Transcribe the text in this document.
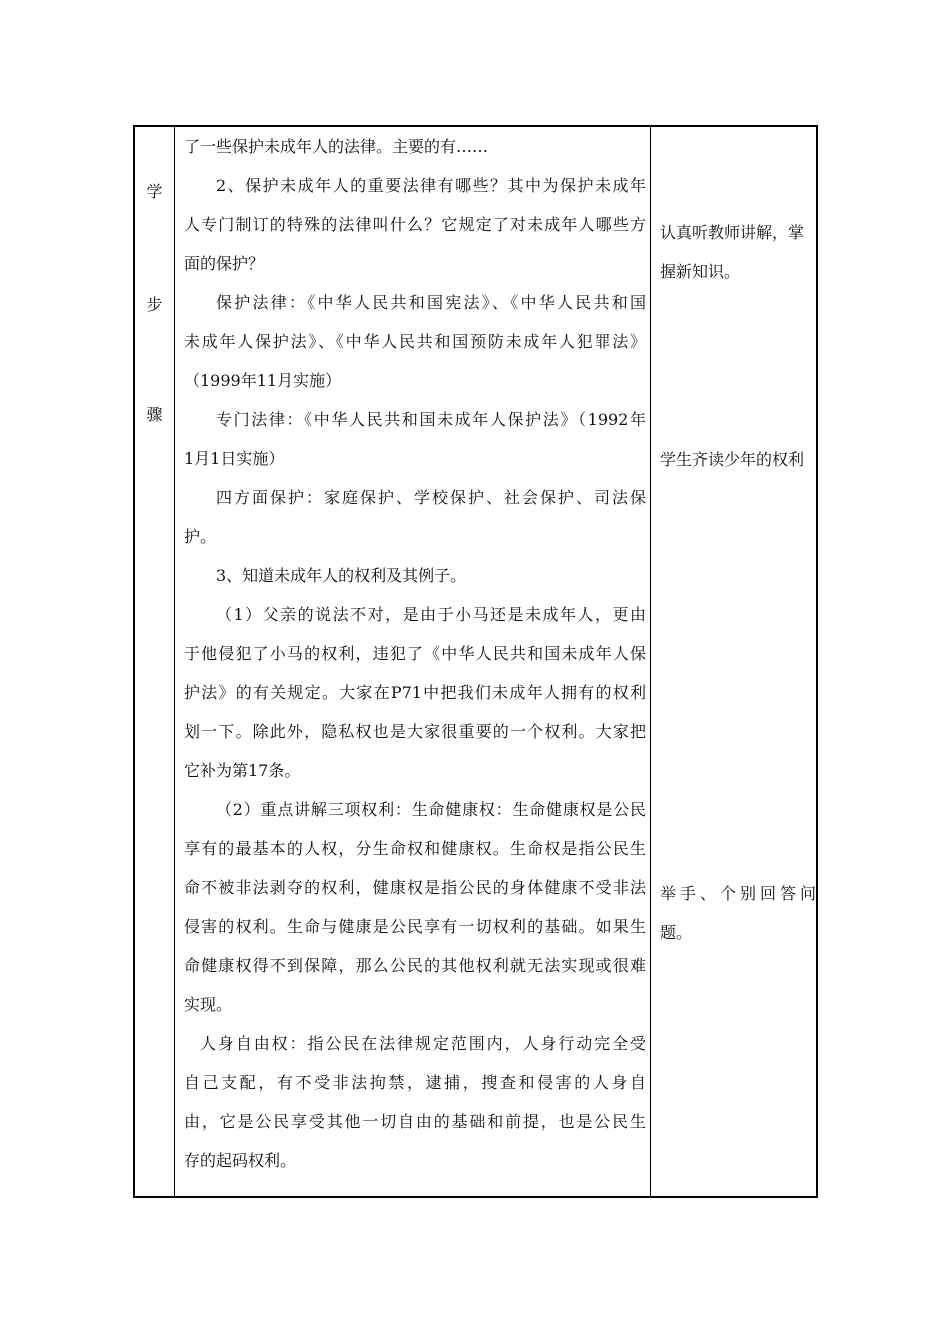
学
步
骤
了一些保护未成年人的法律。主要的有……
2、保护未成年人的重要法律有哪些？其中为保护未成年
人专门制订的特殊的法律叫什么？它规定了对未成年人哪些方
面的保护？
保护法律：《中华人民共和国宪法》、《中华人民共和国
未成年人保护法》、《中华人民共和国预防未成年人犯罪法》
（1999年11月实施）
专门法律：《中华人民共和国未成年人保护法》（1992年
1月1日实施）
四方面保护：家庭保护、学校保护、社会保护、司法保
护。
3、知道未成年人的权利及其例子。
（1）父亲的说法不对，是由于小马还是未成年人，更由
于他侵犯了小马的权利，违犯了《中华人民共和国未成年人保
护法》的有关规定。大家在P71中把我们未成年人拥有的权利
划一下。除此外，隐私权也是大家很重要的一个权利。大家把
它补为第17条。
（2）重点讲解三项权利：生命健康权：生命健康权是公民
享有的最基本的人权，分生命权和健康权。生命权是指公民生
命不被非法剥夺的权利，健康权是指公民的身体健康不受非法
侵害的权利。生命与健康是公民享有一切权利的基础。如果生
命健康权得不到保障，那么公民的其他权利就无法实现或很难
实现。
人身自由权：指公民在法律规定范围内，人身行动完全受
自己支配，有不受非法拘禁，逮捕，搜查和侵害的人身自
由，它是公民享受其他一切自由的基础和前提，也是公民生
存的起码权利。
认真听教师讲解，掌
握新知识。
学生齐读少年的权利
举手、个别回答问
题。
